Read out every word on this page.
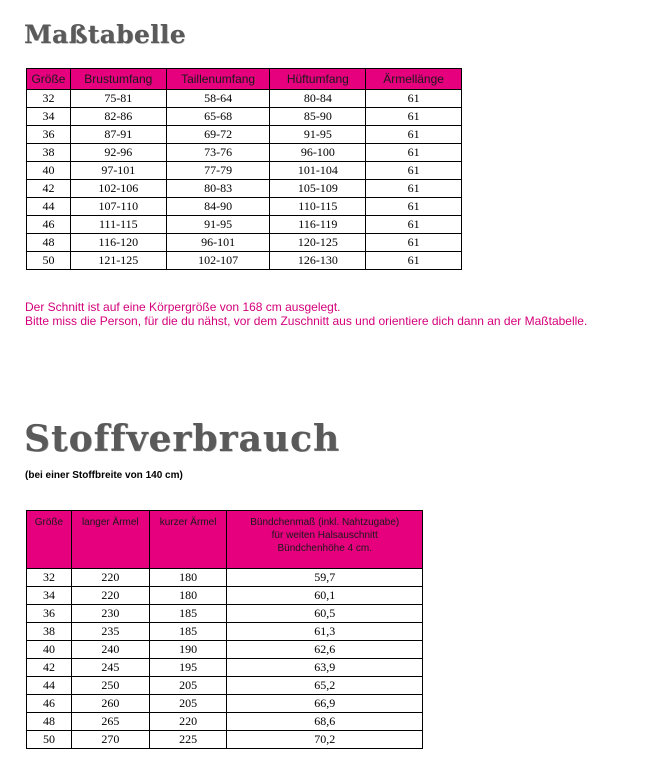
Maßtabelle
Größe	Brustumfang	Taillenumfang	Hüftumfang	Ärmellänge
32	75-81	58-64	80-84	61
34	82-86	65-68	85-90	61
36	87-91	69-72	91-95	61
38	92-96	73-76	96-100	61
40	97-101	77-79	101-104	61
42	102-106	80-83	105-109	61
44	107-110	84-90	110-115	61
46	111-115	91-95	116-119	61
48	116-120	96-101	120-125	61
50	121-125	102-107	126-130	61

Der Schnitt ist auf eine Körpergröße von 168 cm ausgelegt.

Bitte miss die Person, für die du nähst, vor dem Zuschnitt aus und orientiere dich dann an der Maßtabelle.

Stoffverbrauch

(bei einer Stoffbreite von 140 cm)

Größe	langer Ärmel	kurzer Ärmel	Bündchenmaß (inkl. Nahtzugabe)
für weiten Halsauschnitt
Bündchenhöhe 4 cm.

32	220	180	59,7
34	220	180	60,1
36	230	185	60,5
38	235	185	61,3
40	240	190	62,6
42	245	195	63,9
44	250	205	65,2
46	260	205	66,9
48	265	220	68,6
50	270	225	70,2
